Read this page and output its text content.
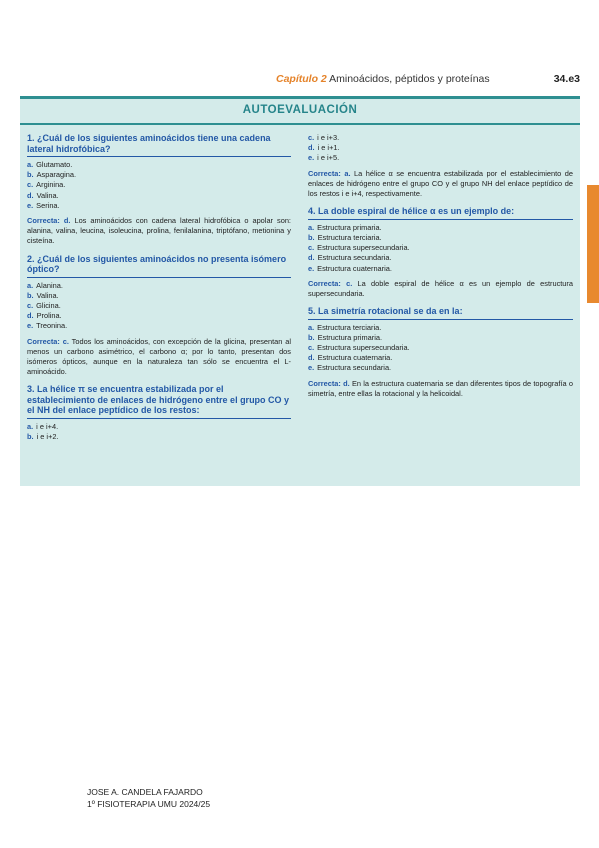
Capítulo 2 Aminoácidos, péptidos y proteínas	34.e3
AUTOEVALUACIÓN
1. ¿Cuál de los siguientes aminoácidos tiene una cadena lateral hidrofóbica?
a. Glutamato.
b. Asparagina.
c. Arginina.
d. Valina.
e. Serina.
Correcta: d. Los aminoácidos con cadena lateral hidrofóbica o apolar son: alanina, valina, leucina, isoleucina, prolina, fenilalanina, triptófano, metionina y cisteína.
2. ¿Cuál de los siguientes aminoácidos no presenta isómero óptico?
a. Alanina.
b. Valina.
c. Glicina.
d. Prolina.
e. Treonina.
Correcta: c. Todos los aminoácidos, con excepción de la glicina, presentan al menos un carbono asimétrico, el carbono α; por lo tanto, presentan dos isómeros ópticos, aunque en la naturaleza tan sólo se encuentra el L-aminoácido.
3. La hélice π se encuentra estabilizada por el establecimiento de enlaces de hidrógeno entre el grupo CO y el NH del enlace peptídico de los restos:
a. i e i+4.
b. i e i+2.
c. i e i+3.
d. i e i+1.
e. i e i+5.
Correcta: a. La hélice α se encuentra estabilizada por el establecimiento de enlaces de hidrógeno entre el grupo CO y el grupo NH del enlace peptídico de los restos i e i+4, respectivamente.
4. La doble espiral de hélice α es un ejemplo de:
a. Estructura primaria.
b. Estructura terciaria.
c. Estructura supersecundaria.
d. Estructura secundaria.
e. Estructura cuaternaria.
Correcta: c. La doble espiral de hélice α es un ejemplo de estructura supersecundaria.
5. La simetría rotacional se da en la:
a. Estructura terciaria.
b. Estructura primaria.
c. Estructura supersecundaria.
d. Estructura cuaternaria.
e. Estructura secundaria.
Correcta: d. En la estructura cuaternaria se dan diferentes tipos de topografía o simetría, entre ellas la rotacional y la helicoidal.
JOSE A. CANDELA FAJARDO
1º FISIOTERAPIA UMU 2024/25
